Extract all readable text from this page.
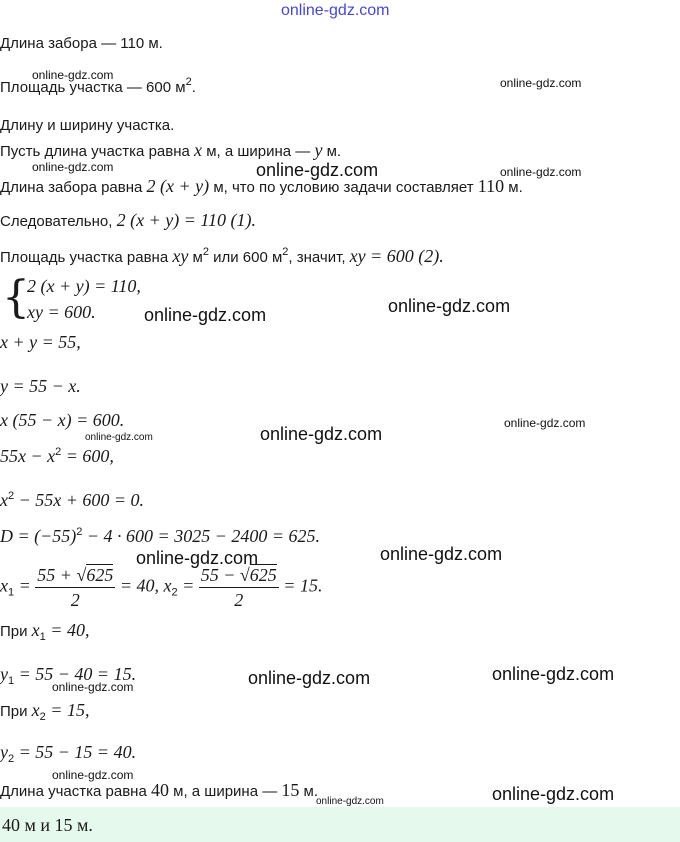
online-gdz.com
online-gdz.com
online-gdz.com
online-gdz.com	online-gdz.com	online-gdz.com
online-gdz.com
online-gdz.com
online-gdz.com
online-gdz.com
online-gdz.com
online-gdz.com
online-gdz.com
online-gdz.com
online-gdz.com
online-gdz.com
online-gdz.com
online-gdz.com
online-gdz.com
Длина забора — 110 м.
Площадь участка — 600 $м^2$.
Длину и ширину участка.
Пусть длина участка равна x м, а ширина — y м.
Длина забора равна 2 (x + y) м, что по условию задачи составляет 110 м.
Следовательно, 2 (x + y) = 110 (1).
Площадь участка равна xy $м^2$ или 600 $м^2$, значит, xy = 600 (2).
{
2 (x + y) = 110,
xy = 600.
x + y = 55,
y = 55 − x.
x (55 − x) = 600.
$55x - x^2 = 600$,
$x^2 - 55x + 600 = 0$.
$D = (-55)^2 - 4 \cdot 600 = 3025 - 2400 = 625$.
$x_1 = \frac{55 + √625}{2} = 40$, $x_2 = \frac{55 - √625}{2} = 15$.
При $x_1 = 40$,
$y_1 = 55 - 40 = 15$.
При $x_2 = 15$,
$y_2 = 55 - 15 = 40$.
Длина участка равна 40 м, а ширина — 15 м.
40 м и 15 м.
